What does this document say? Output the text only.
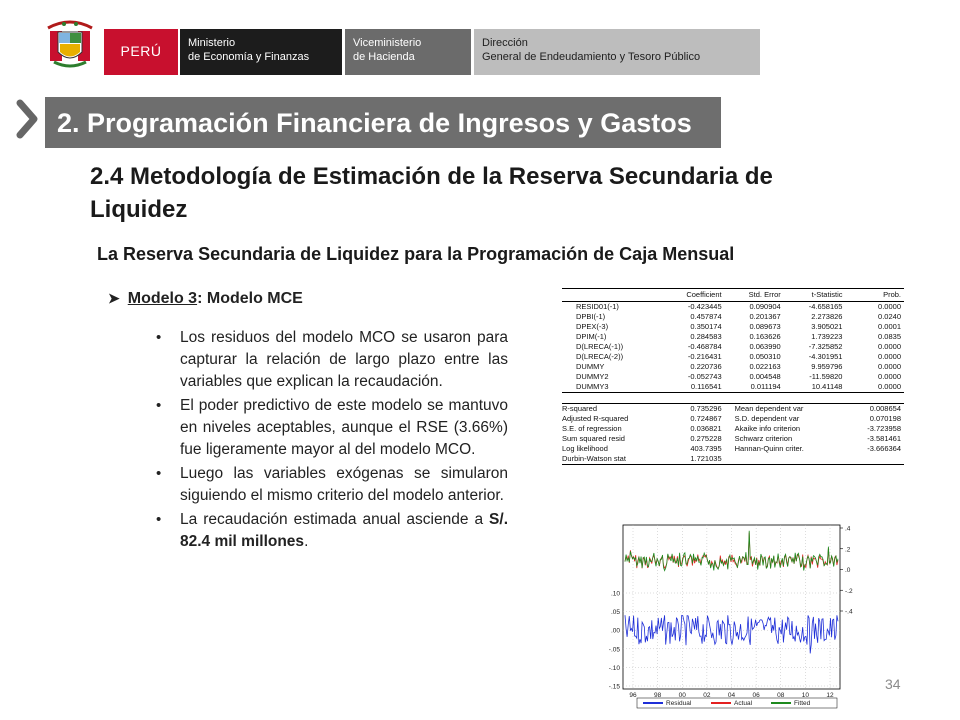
PERÚ	Ministerio
de Economía y Finanzas
Viceministerio
de Hacienda
Dirección
General de Endeudamiento y Tesoro Público
2. Programación Financiera de Ingresos y Gastos
2.4 Metodología de Estimación de la Reserva Secundaria de Liquidez
La Reserva Secundaria de Liquidez para la Programación de Caja Mensual
➤ Modelo 3: Modelo MCE
• Los residuos del modelo MCO se usaron para capturar la relación de largo plazo entre las variables que explican la recaudación.
• El poder predictivo de este modelo se mantuvo en niveles aceptables, aunque el RSE (3.66%) fue ligeramente mayor al del modelo MCO.
• Luego las variables exógenas se simularon siguiendo el mismo criterio del modelo anterior.
• La recaudación estimada anual asciende a S/. 82.4 mil millones.
	Coefficient	Std. Error	t-Statistic	Prob.
RESID01(-1)	-0.423445	0.090904	-4.658165	0.0000
DPBI(-1)	0.457874	0.201367	2.273826	0.0240
DPEX(-3)	0.350174	0.089673	3.905021	0.0001
DPIM(-1)	0.284583	0.163626	1.739223	0.0835
D(LRECA(-1))	-0.468784	0.063990	-7.325852	0.0000
D(LRECA(-2))	-0.216431	0.050310	-4.301951	0.0000
DUMMY	0.220736	0.022163	9.959796	0.0000
DUMMY2	-0.052743	0.004548	-11.59820	0.0000
DUMMY3	0.116541	0.011194	10.41148	0.0000

R-squared	0.735296	Mean dependent var		0.008654
Adjusted R-squared	0.724867	S.D. dependent var		0.070198
S.E. of regression	0.036821	Akaike info criterion		-3.723958
Sum squared resid	0.275228	Schwarz criterion		-3.581461
Log likelihood	403.7395	Hannan-Quinn criter.		-3.666364
Durbin-Watson stat	1.721035			
.10
.05
.00
-.05
-.10
-.15
.4
.2
.0
-.2
-.4
96	98	00	02	04	06	08	10	12
Residual	Actual	Fitted
34
